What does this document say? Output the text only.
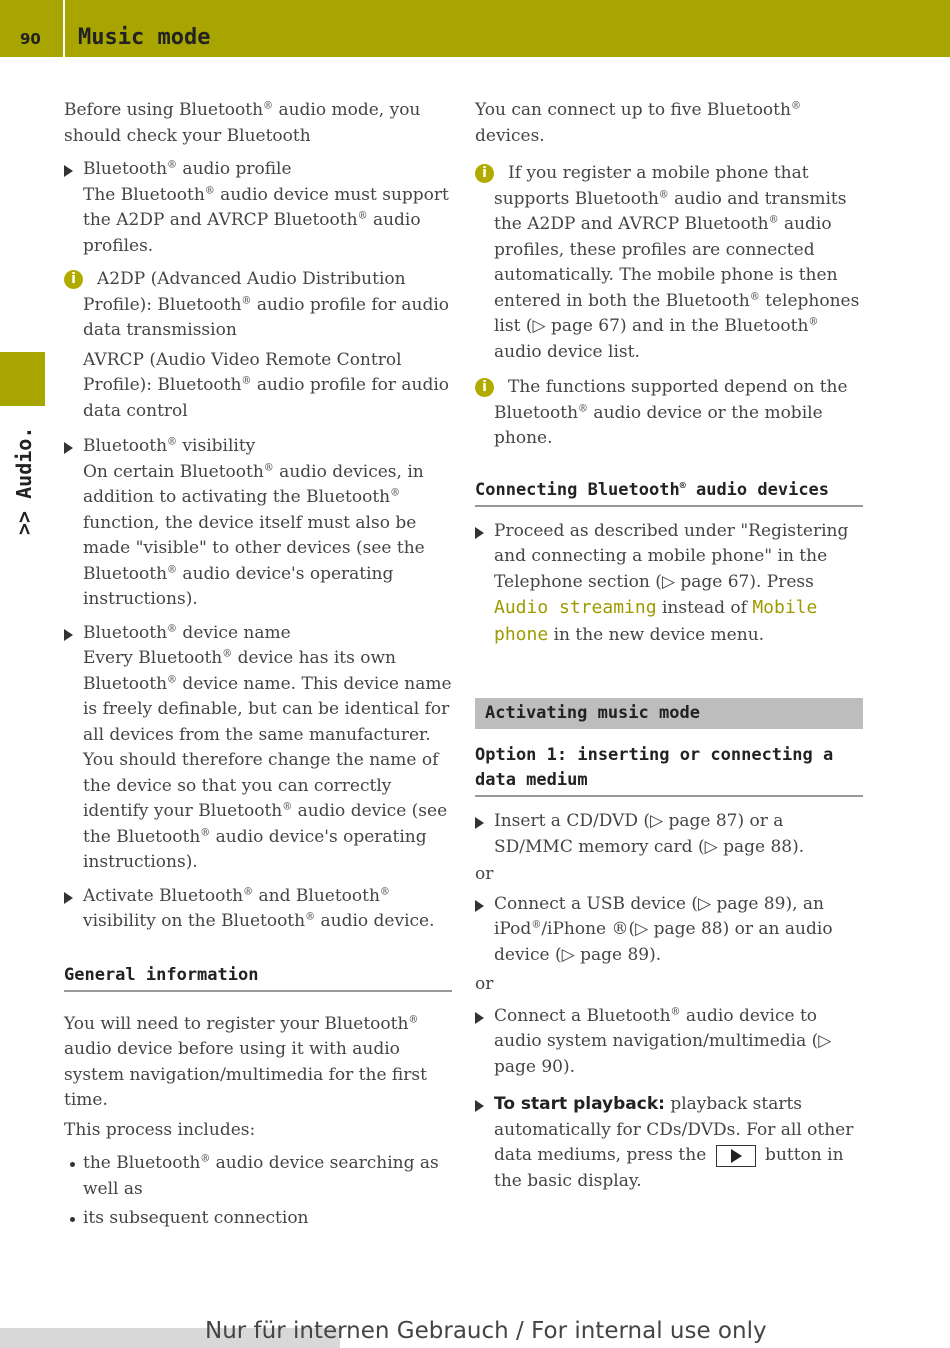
90 Music mode
>> Audio.

Before using Bluetooth® audio mode, you should check your Bluetooth

Bluetooth® audio profile
The Bluetooth® audio device must support the A2DP and AVRCP Bluetooth® audio profiles.
i	A2DP (Advanced Audio Distribution Profile): Bluetooth® audio profile for audio data transmission

AVRCP (Audio Video Remote Control Profile): Bluetooth® audio profile for audio data control

Bluetooth® visibility
On certain Bluetooth® audio devices, in addition to activating the Bluetooth® function, the device itself must also be made "visible" to other devices (see the Bluetooth® audio device's operating instructions).
Bluetooth® device name
Every Bluetooth® device has its own Bluetooth® device name. This device name is freely definable, but can be identical for all devices from the same manufacturer. You should therefore change the name of the device so that you can correctly identify your Bluetooth® audio device (see the Bluetooth® audio device's operating instructions).
Activate Bluetooth® and Bluetooth® visibility on the Bluetooth® audio device.
General information

You will need to register your Bluetooth® audio device before using it with audio system navigation/multimedia for the first time.

This process includes:

the Bluetooth® audio device searching as well as
its subsequent connection

You can connect up to five Bluetooth® devices.

i	If you register a mobile phone that supports Bluetooth® audio and transmits the A2DP and AVRCP Bluetooth® audio profiles, these profiles are connected automatically. The mobile phone is then entered in both the Bluetooth® telephones list (▷ page 67) and in the Bluetooth® audio device list.

i	The functions supported depend on the Bluetooth® audio device or the mobile phone.

Connecting Bluetooth® audio devices
Proceed as described under "Registering and connecting a mobile phone" in the Telephone section (▷ page 67). Press Audio streaming instead of Mobile phone in the new device menu.
Activating music mode
Option 1: inserting or connecting a data medium
Insert a CD/DVD (▷ page 87) or a SD/MMC memory card (▷ page 88).

or

Connect a USB device (▷ page 89), an iPod®/iPhone ®(▷ page 88) or an audio device (▷ page 89).

or

Connect a Bluetooth® audio device to audio system navigation/multimedia (▷ page 90).
To start playback: playback starts automatically for CDs/DVDs. For all other data mediums, press the	button in the basic display.
Nur für internen Gebrauch / For internal use only
